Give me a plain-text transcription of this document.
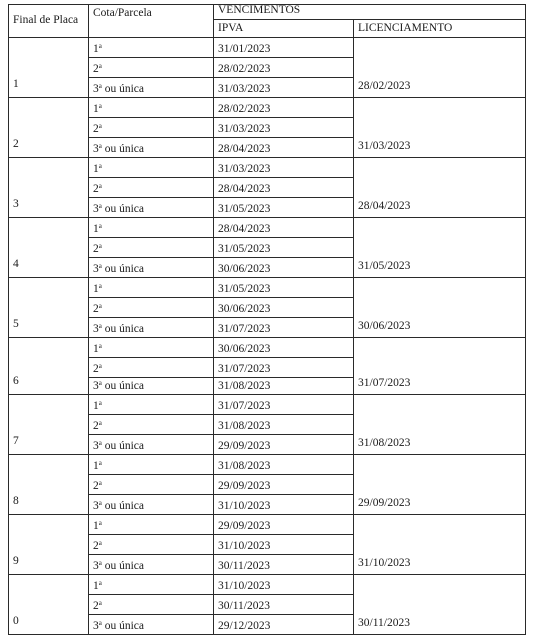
Final de Placa	Cota/Parcela	VENCIMENTOS	
		IPVA	LICENCIAMENTO
1	1$^a$	31/01/2023	28/02/2023
	2$^a$	28/02/2023	
	3$^a$ ou única	31/03/2023	
2	1$^a$	28/02/2023	31/03/2023
	2$^a$	31/03/2023	
	3$^a$ ou única	28/04/2023	
3	1$^a$	31/03/2023	28/04/2023
	2$^a$	28/04/2023	
	3$^a$ ou única	31/05/2023	
4	1$^a$	28/04/2023	31/05/2023
	2$^a$	31/05/2023	
	3$^a$ ou única	30/06/2023	
5	1$^a$	31/05/2023	30/06/2023
	2$^a$	30/06/2023	
	3$^a$ ou única	31/07/2023	
6	1$^a$	30/06/2023	31/07/2023
	2$^a$	31/07/2023	
	3$^a$ ou única	31/08/2023	
7	1$^a$	31/07/2023	31/08/2023
	2$^a$	31/08/2023	
	3$^a$ ou única	29/09/2023	
8	1$^a$	31/08/2023	29/09/2023
	2$^a$	29/09/2023	
	3$^a$ ou única	31/10/2023	
9	1$^a$	29/09/2023	31/10/2023
	2$^a$	31/10/2023	
	3$^a$ ou única	30/11/2023	
0	1$^a$	31/10/2023	30/11/2023
	2$^a$	30/11/2023	
	3$^a$ ou única	29/12/2023	
